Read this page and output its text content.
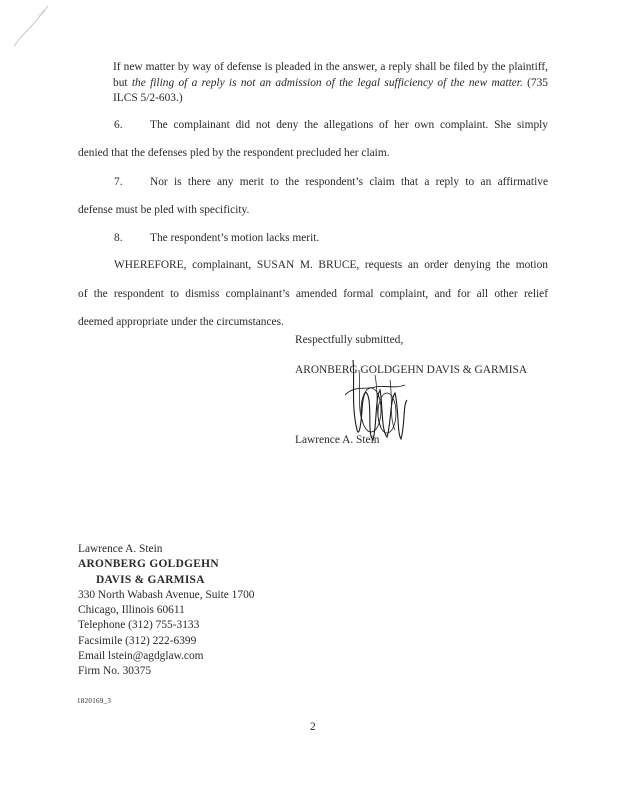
If new matter by way of defense is pleaded in the answer, a reply shall be filed by the plaintiff, but the filing of a reply is not an admission of the legal sufficiency of the new matter. (735 ILCS 5/2-603.)

6. The complainant did not deny the allegations of her own complaint. She simply

denied that the defenses pled by the respondent precluded her claim.

7. Nor is there any merit to the respondent’s claim that a reply to an affirmative

defense must be pled with specificity.

8. The respondent’s motion lacks merit.

WHEREFORE, complainant, SUSAN M. BRUCE, requests an order denying the motion

of the respondent to dismiss complainant’s amended formal complaint, and for all other relief

deemed appropriate under the circumstances.

Respectfully submitted,
ARONBERG GOLDGEHN DAVIS & GARMISA
Lawrence A. Stein
Lawrence A. Stein
ARONBERG GOLDGEHN
DAVIS & GARMISA
330 North Wabash Avenue, Suite 1700
Chicago, Illinois 60611
Telephone (312) 755-3133
Facsimile (312) 222-6399
Email lstein@agdglaw.com
Firm No. 30375
1820169_3
2
